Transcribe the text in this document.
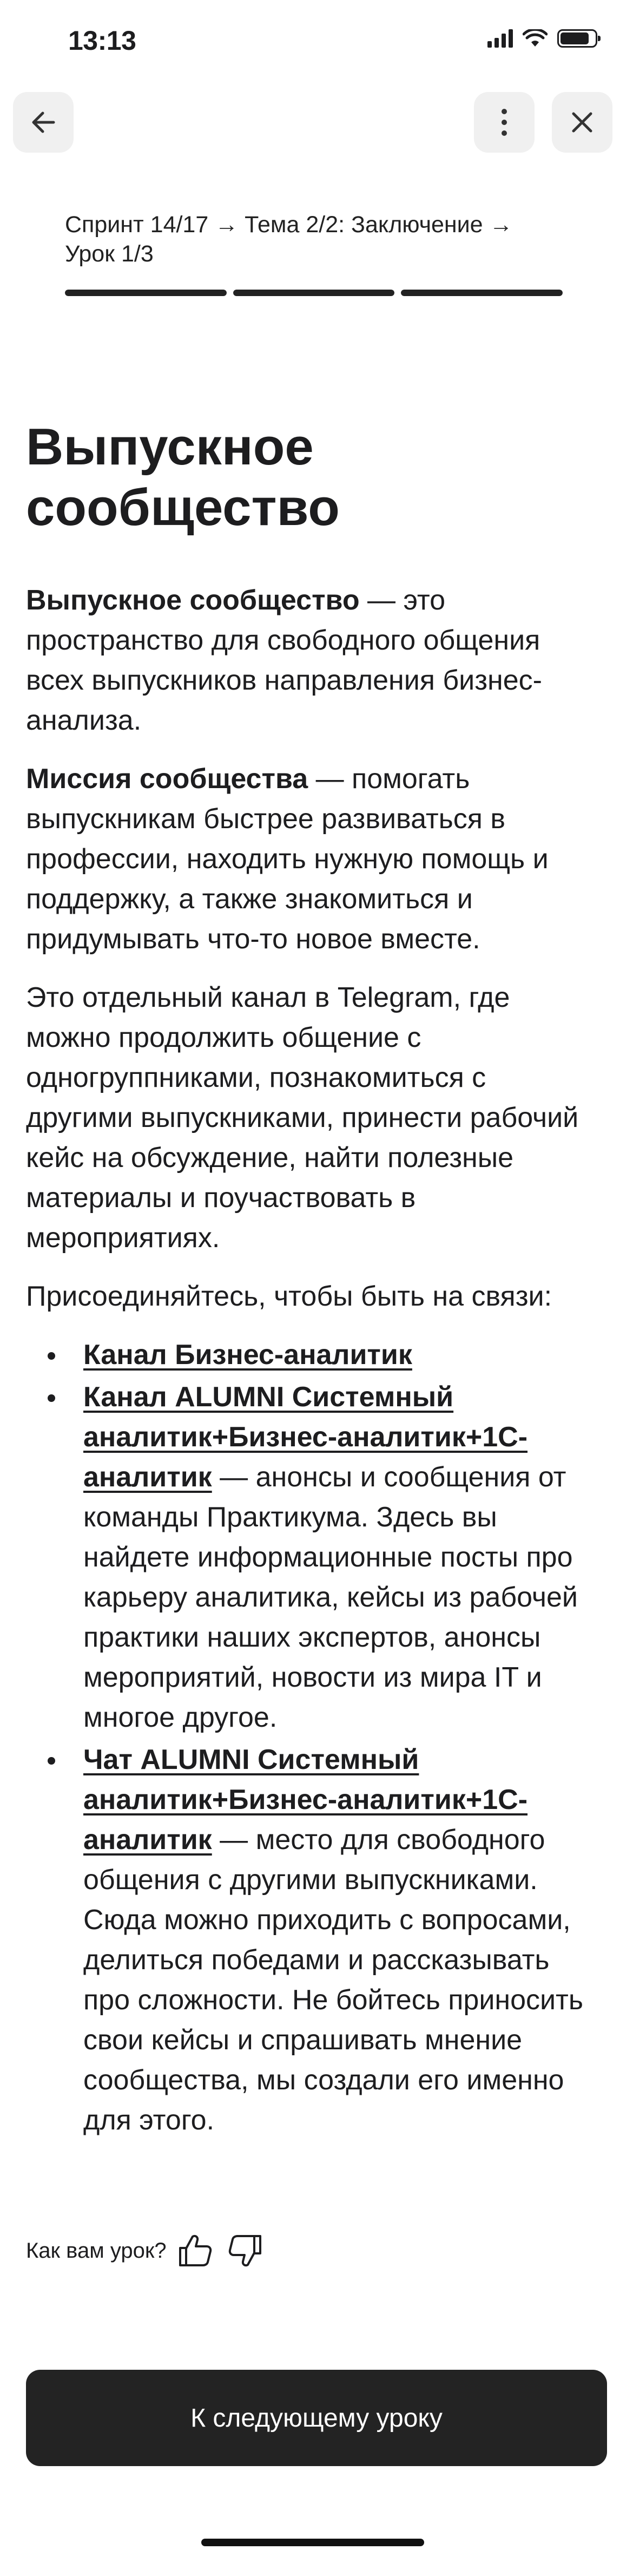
13:13
Спринт 14/17 → Тема 2/2: Заключение → Урок 1/3
Выпускное сообщество

Выпускное сообщество — это пространство для свободного общения всех выпускников направления бизнес-анализа.

Миссия сообщества — помогать выпускникам быстрее развиваться в профессии, находить нужную помощь и поддержку, а также знакомиться и придумывать что-то новое вместе.

Это отдельный канал в Telegram, где можно продолжить общение с одногруппниками, познакомиться с другими выпускниками, принести рабочий кейс на обсуждение, найти полезные материалы и поучаствовать в мероприятиях.

Присоединяйтесь, чтобы быть на связи:

Канал Бизнес-аналитик
Канал ALUMNI Системный аналитик+Бизнес-аналитик+1С-аналитик — анонсы и сообщения от команды Практикума. Здесь вы найдете информационные посты про карьеру аналитика, кейсы из рабочей практики наших экспертов, анонсы мероприятий, новости из мира IT и многое другое.
Чат ALUMNI Системный аналитик+Бизнес-аналитик+1С-аналитик — место для свободного общения с другими выпускниками. Сюда можно приходить с вопросами, делиться победами и рассказывать про сложности. Не бойтесь приносить свои кейсы и спрашивать мнение сообщества, мы создали его именно для этого.
Как вам урок?
К следующему уроку
